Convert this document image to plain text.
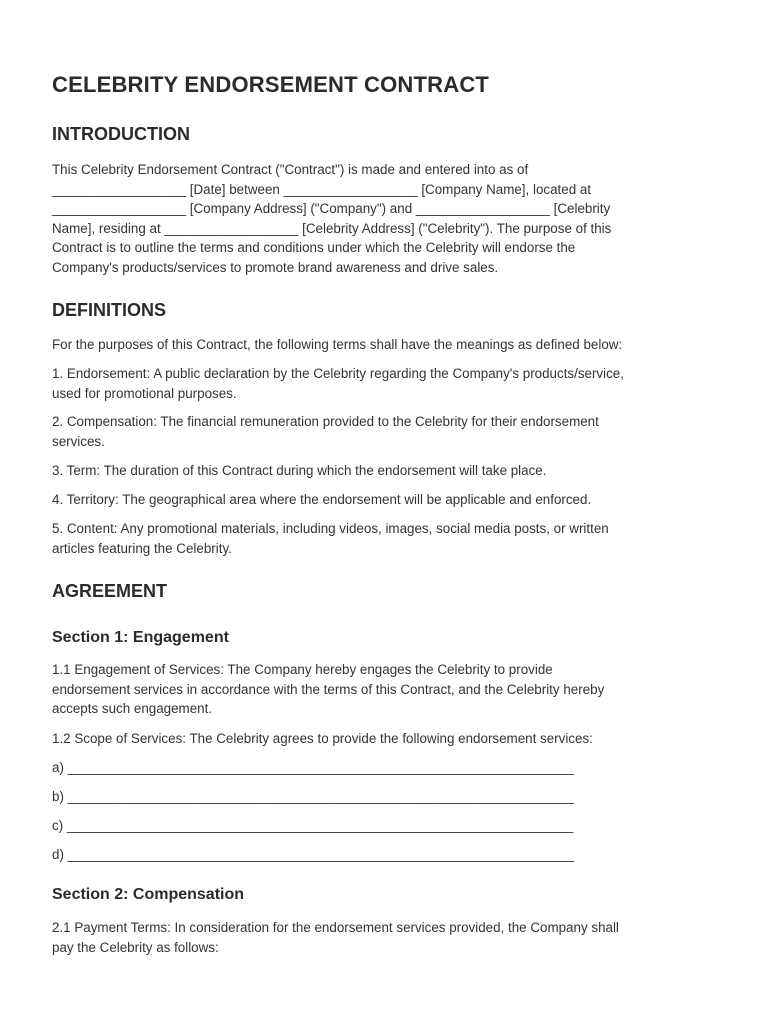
CELEBRITY ENDORSEMENT CONTRACT
INTRODUCTION

This Celebrity Endorsement Contract ("Contract") is made and entered into as of
__________________ [Date] between __________________ [Company Name], located at
__________________ [Company Address] ("Company") and __________________ [Celebrity
Name], residing at __________________ [Celebrity Address] ("Celebrity"). The purpose of this
Contract is to outline the terms and conditions under which the Celebrity will endorse the
Company's products/services to promote brand awareness and drive sales.

DEFINITIONS

For the purposes of this Contract, the following terms shall have the meanings as defined below:

1. Endorsement: A public declaration by the Celebrity regarding the Company's products/service,
used for promotional purposes.

2. Compensation: The financial remuneration provided to the Celebrity for their endorsement
services.

3. Term: The duration of this Contract during which the endorsement will take place.

4. Territory: The geographical area where the endorsement will be applicable and enforced.

5. Content: Any promotional materials, including videos, images, social media posts, or written
articles featuring the Celebrity.

AGREEMENT
Section 1: Engagement

1.1 Engagement of Services: The Company hereby engages the Celebrity to provide
endorsement services in accordance with the terms of this Contract, and the Celebrity hereby
accepts such engagement.

1.2 Scope of Services: The Celebrity agrees to provide the following endorsement services:

a) ____________________________________________________________________

b) ____________________________________________________________________

c) ____________________________________________________________________

d) ____________________________________________________________________

Section 2: Compensation

2.1 Payment Terms: In consideration for the endorsement services provided, the Company shall
pay the Celebrity as follows:
